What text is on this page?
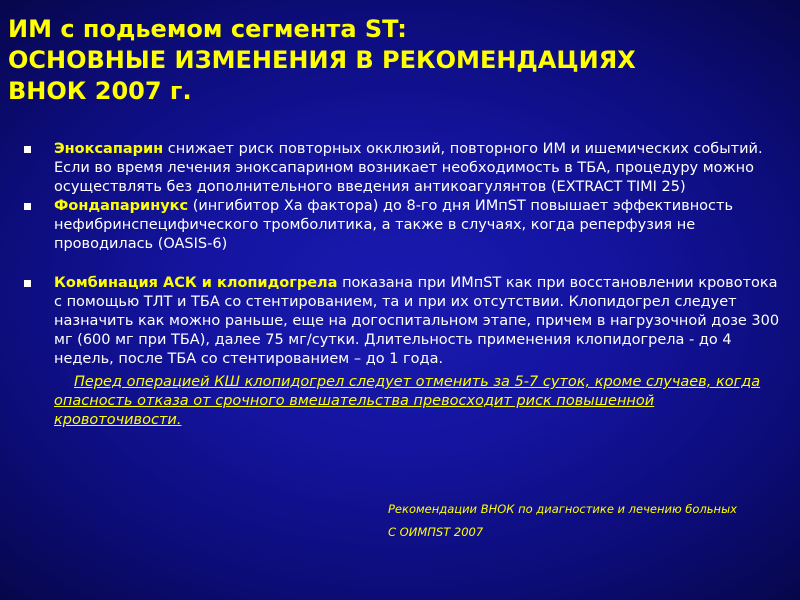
ИМ с подьемом сегмента ST:
ОСНОВНЫЕ ИЗМЕНЕНИЯ В РЕКОМЕНДАЦИЯХ
ВНОК 2007 г.

Эноксапарин снижает риск повторных окклюзий, повторного ИМ и ишемических событий. Если во время лечения эноксапарином возникает необходимость в ТБА, процедуру можно осуществлять без дополнительного введения антикоагулянтов (EXTRACT TIMI 25)

Фондапаринукс (ингибитор Ха фактора) до 8-го дня ИМпST повышает эффективность нефибринспецифического тромболитика, а также в случаях, когда реперфузия не проводилась (OASIS-6)

Комбинация АСК и клопидогрела показана при ИМпST как при восстановлении кровотока с помощью ТЛТ и ТБА со стентированием, та и при их отсутствии. Клопидогрел следует назначить как можно раньше, еще на догоспитальном этапе, причем в нагрузочной дозе 300 мг (600 мг при ТБА), далее 75 мг/сутки. Длительность применения клопидогрела - до 4 недель, после ТБА со стентированием – до 1 года.

Перед операцией КШ клопидогрел следует отменить за 5-7 суток, кроме случаев, когда опасность отказа от срочного вмешательства превосходит риск повышенной кровоточивости.

Рекомендации ВНОК по диагностике и лечению больных
С ОИМПST 2007
